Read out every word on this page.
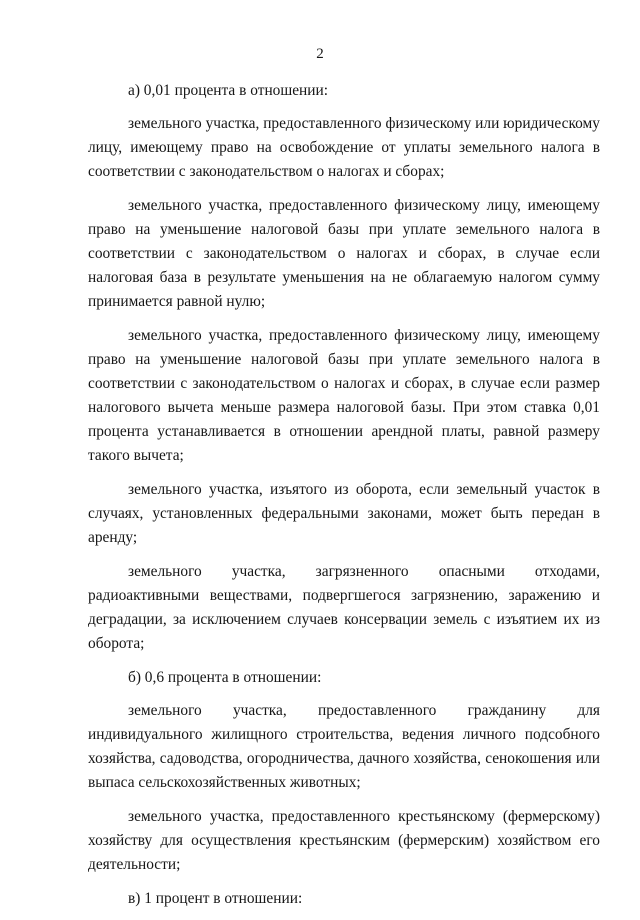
2

а) 0,01 процента в отношении:

земельного участка, предоставленного физическому или юридическому лицу, имеющему право на освобождение от уплаты земельного налога в соответствии с законодательством о налогах и сборах;

земельного участка, предоставленного физическому лицу, имеющему право на уменьшение налоговой базы при уплате земельного налога в соответствии с законодательством о налогах и сборах, в случае если налоговая база в результате уменьшения на не облагаемую налогом сумму принимается равной нулю;

земельного участка, предоставленного физическому лицу, имеющему право на уменьшение налоговой базы при уплате земельного налога в соответствии с законодательством о налогах и сборах, в случае если размер налогового вычета меньше размера налоговой базы. При этом ставка 0,01 процента устанавливается в отношении арендной платы, равной размеру такого вычета;

земельного участка, изъятого из оборота, если земельный участок в случаях, установленных федеральными законами, может быть передан в аренду;

земельного участка, загрязненного опасными отходами, радиоактивными веществами, подвергшегося загрязнению, заражению и деградации, за исключением случаев консервации земель с изъятием их из оборота;

б) 0,6 процента в отношении:

земельного участка, предоставленного гражданину для индивидуального жилищного строительства, ведения личного подсобного хозяйства, садоводства, огородничества, дачного хозяйства, сенокошения или выпаса сельскохозяйственных животных;

земельного участка, предоставленного крестьянскому (фермерскому) хозяйству для осуществления крестьянским (фермерским) хозяйством его деятельности;

в) 1 процент в отношении:
